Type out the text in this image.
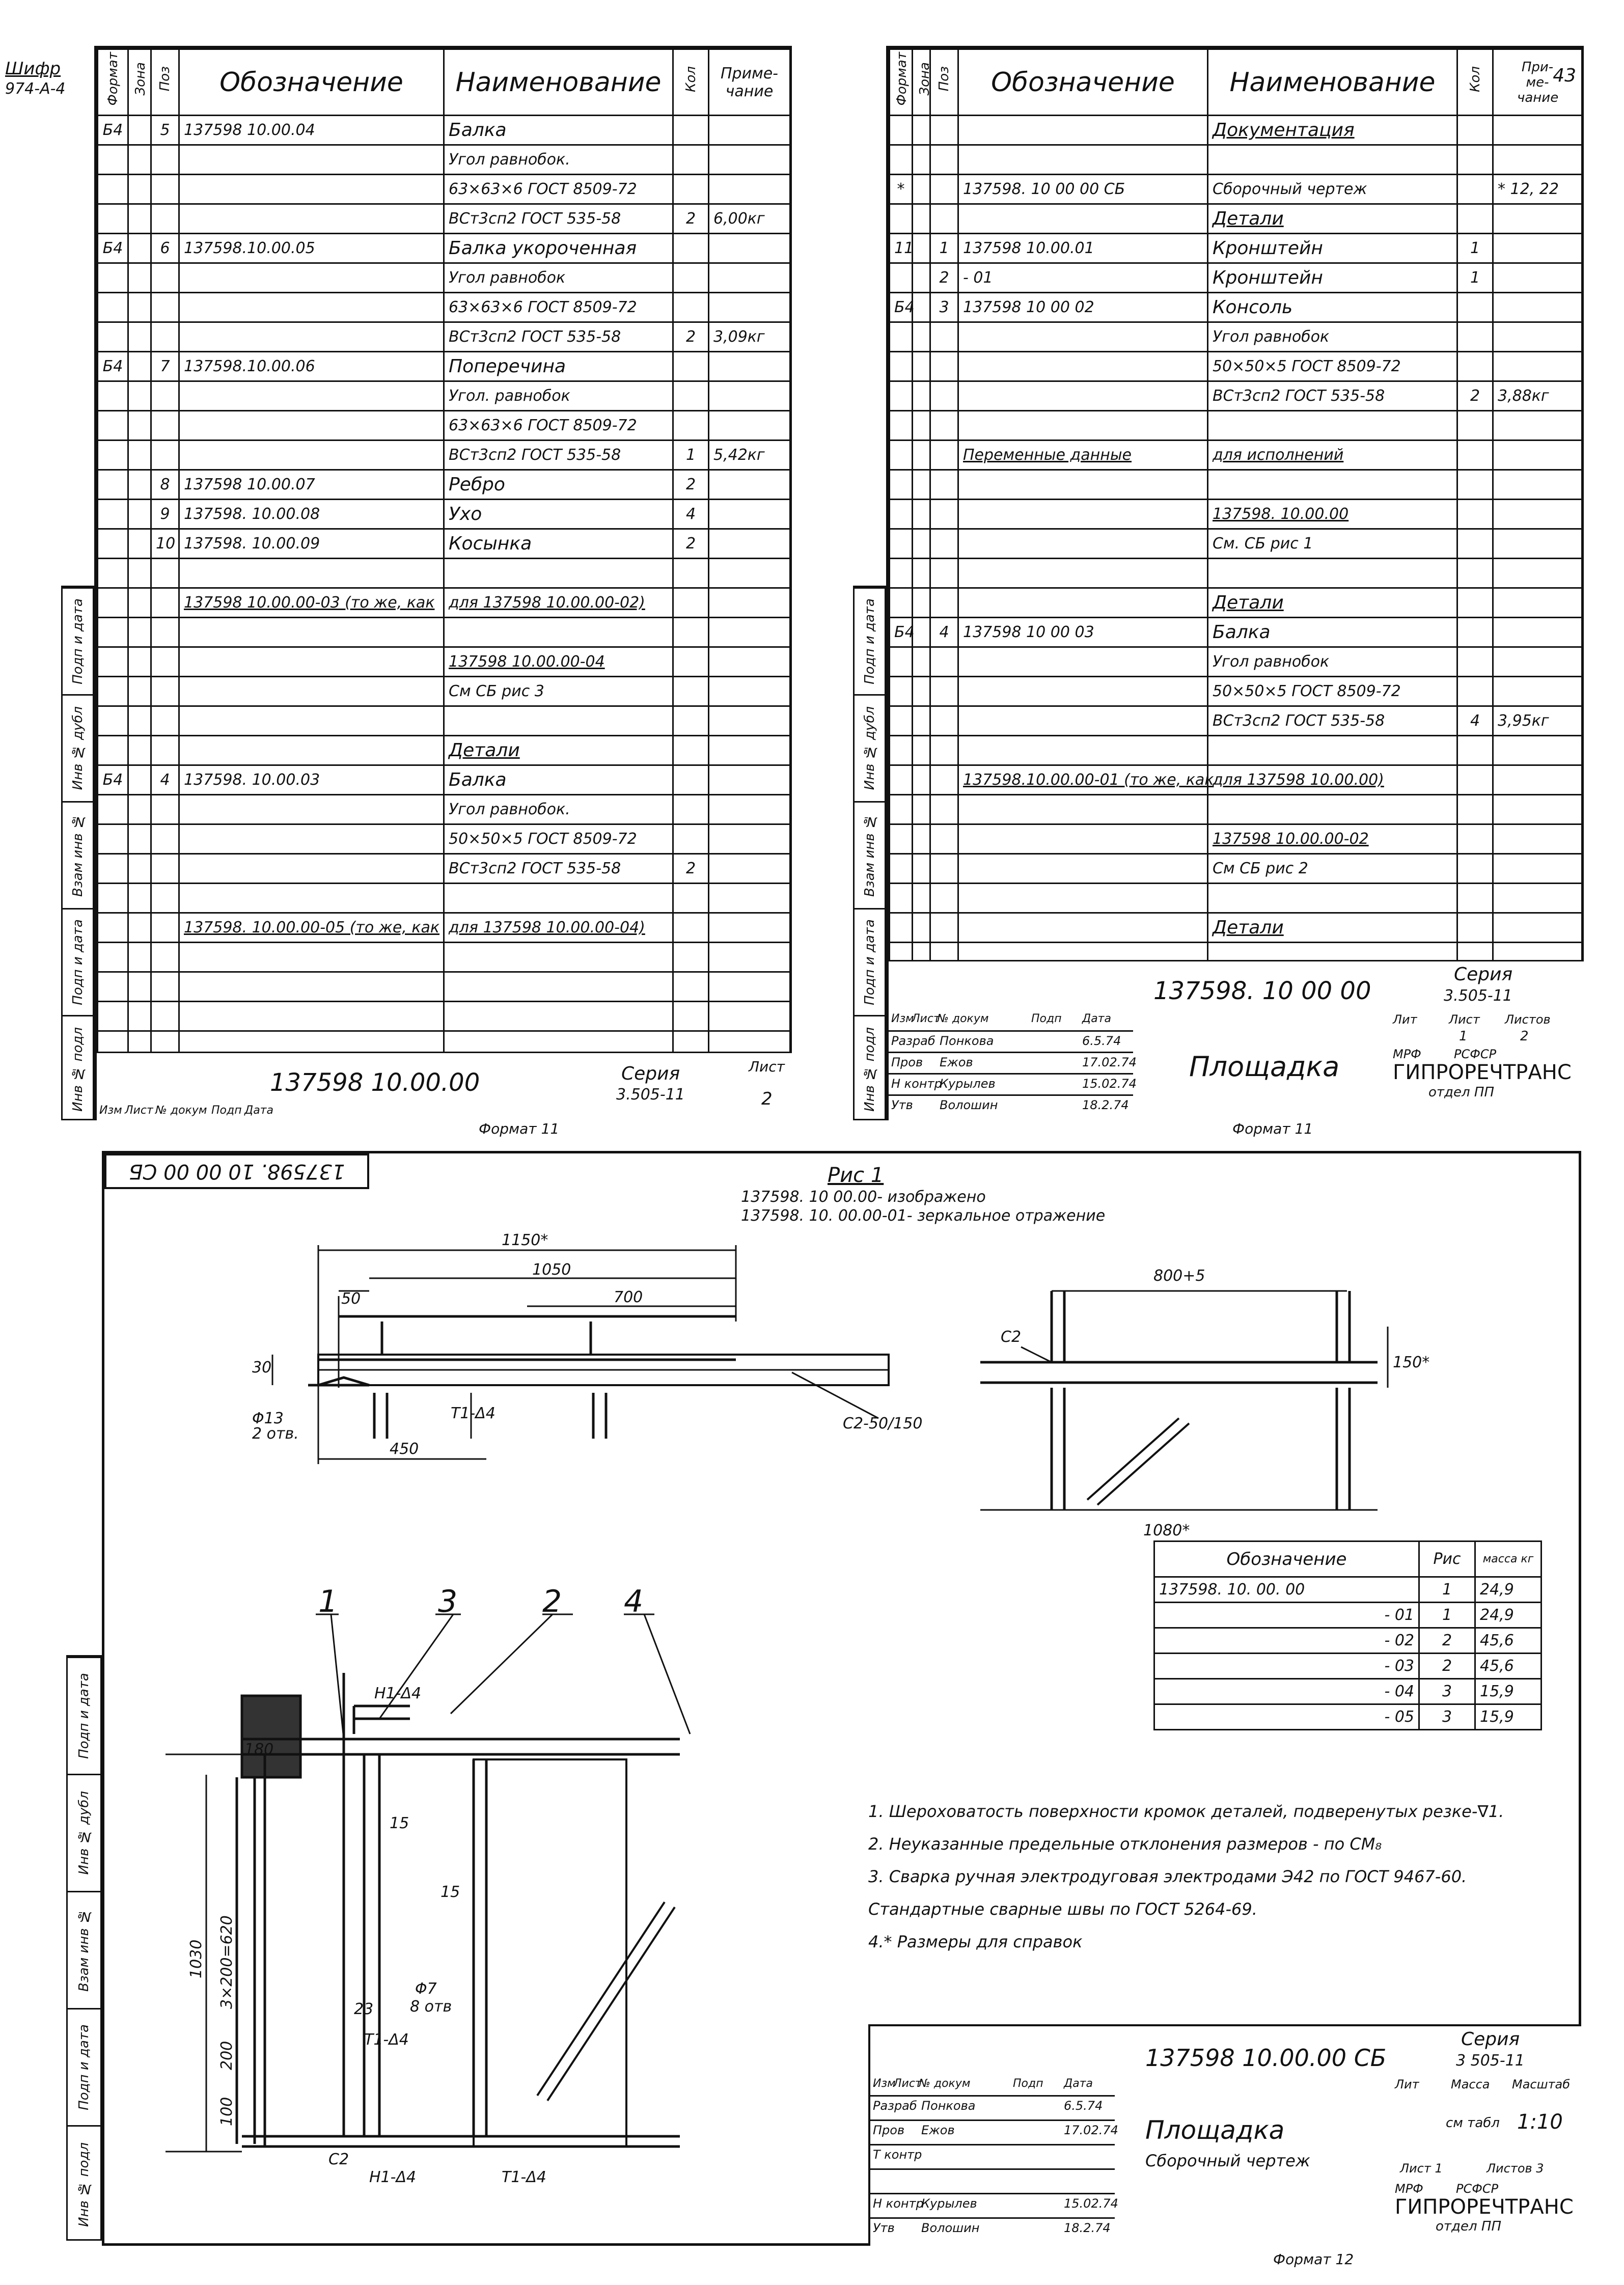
Формат	Зона	Поз	Обозначение	Наименование	Кол	Приме-чание
Б4		5	137598 10.00.04	Балка		
				Угол равнобок.		
				63×63×6 ГОСТ 8509-72		
				ВСт3сп2 ГОСТ 535-58	2	6,00кг
Б4		6	137598.10.00.05	Балка укороченная		
				Угол равнобок		
				63×63×6 ГОСТ 8509-72		
				ВСт3сп2 ГОСТ 535-58	2	3,09кг
Б4		7	137598.10.00.06	Поперечина		
				Угол. равнобок		
				63×63×6 ГОСТ 8509-72		
				ВСт3сп2 ГОСТ 535-58	1	5,42кг
		8	137598 10.00.07	Ребро	2	
		9	137598. 10.00.08	Ухо	4	
		10	137598. 10.00.09	Косынка	2	

			137598 10.00.00-03 (то же, как	для 137598 10.00.00-02)		

				137598 10.00.00-04		
				См СБ рис 3		

				Детали		
Б4		4	137598. 10.00.03	Балка		
				Угол равнобок.		
				50×50×5 ГОСТ 8509-72		
				ВСт3сп2 ГОСТ 535-58	2	

			137598. 10.00.00-05 (то же, как	для 137598 10.00.00-04)		

Шифр
974-А-4
137598 10.00.00	Серия
3.505-11
Лист
2
Изм Лист № докум Подп Дата
Формат 11
Формат	Зона	Поз	Обозначение	Наименование	Кол	При-ме-чание
43

				Документация		

*			137598. 10 00 00 СБ	Сборочный чертеж		* 12, 22
				Детали		
11		1	137598 10.00.01	Кронштейн	1	
		2	- 01	Кронштейн	1	
Б4		3	137598 10 00 02	Консоль		
				Угол равнобок		
				50×50×5 ГОСТ 8509-72		
				ВСт3сп2 ГОСТ 535-58	2	3,88кг

			Переменные данные	для исполнений		

				137598. 10.00.00		
				См. СБ рис 1		

				Детали		
Б4		4	137598 10 00 03	Балка		
				Угол равнобок		
				50×50×5 ГОСТ 8509-72		
				ВСт3сп2 ГОСТ 535-58	4	3,95кг

			137598.10.00.00-01 (то же, как	для 137598 10.00.00)		

				137598 10.00.00-02		
				См СБ рис 2		

				Детали		

137598. 10 00 00
Серия
3.505-11
Площадка
Лит	Лист Листов
1	2
МРФ	РСФСР
ГИПРОРЕЧТРАНС
отдел ПП
Изм
Лист
№ докум	Подп Дата
Разраб Понкова	6.5.74
Пров Ежов	17.02.74
Н контр
Курылев	15.02.74
Утв Волошин	18.2.74
Формат 11
Подп и дата
Инв № дубл
Взам инв №
Подп и дата
Инв № подл
Подп и дата
Инв № дубл
Взам инв №
Подп и дата
Инв № подл
Подп и дата
Инв № дубл
Взам инв №
Подп и дата
Инв № подл
137598. 10 00 00 СБ	Рис 1
137598. 10 00.00- изображено
137598. 10. 00.00-01- зеркальное отражение
1150*
1050
700
50
30
450
Φ13
2 отв.
С2-50/150
Т1-Δ4
800+5
150*
1080*
С2
1	2
3	4
Н1-Δ4
180
1030 3×200=620
15
15
Φ7
8 отв
200
100
23
Т1-Δ4
С2
Н1-Δ4	Т1-Δ4
Обозначение	Рис	масса кг
137598. 10. 00. 00	1	24,9
- 01	1	24,9
- 02	2	45,6
- 03	2	45,6
- 04	3	15,9
- 05	3	15,9
1. Шероховатость поверхности кромок деталей, подверенутых резке-∇1.
2. Неуказанные предельные отклонения размеров - по СМ₈
3. Сварка ручная электродуговая электродами Э42 по ГОСТ 9467-60.
Стандартные сварные швы по ГОСТ 5264-69.
4.* Размеры для справок
137598 10.00.00 СБ
Серия
3 505-11
Площадка
Сборочный чертеж
Лит	Масса Масштаб
см табл 1:10
Лист 1	Листов 3
МРФ	РСФСР
ГИПРОРЕЧТРАНС
отдел ПП
Изм
Лист
№ докум	Подп Дата
Разраб Понкова	6.5.74
Пров Ежов	17.02.74
Т контр
Н контр
Курылев	15.02.74
Утв Волошин	18.2.74
Формат 12
